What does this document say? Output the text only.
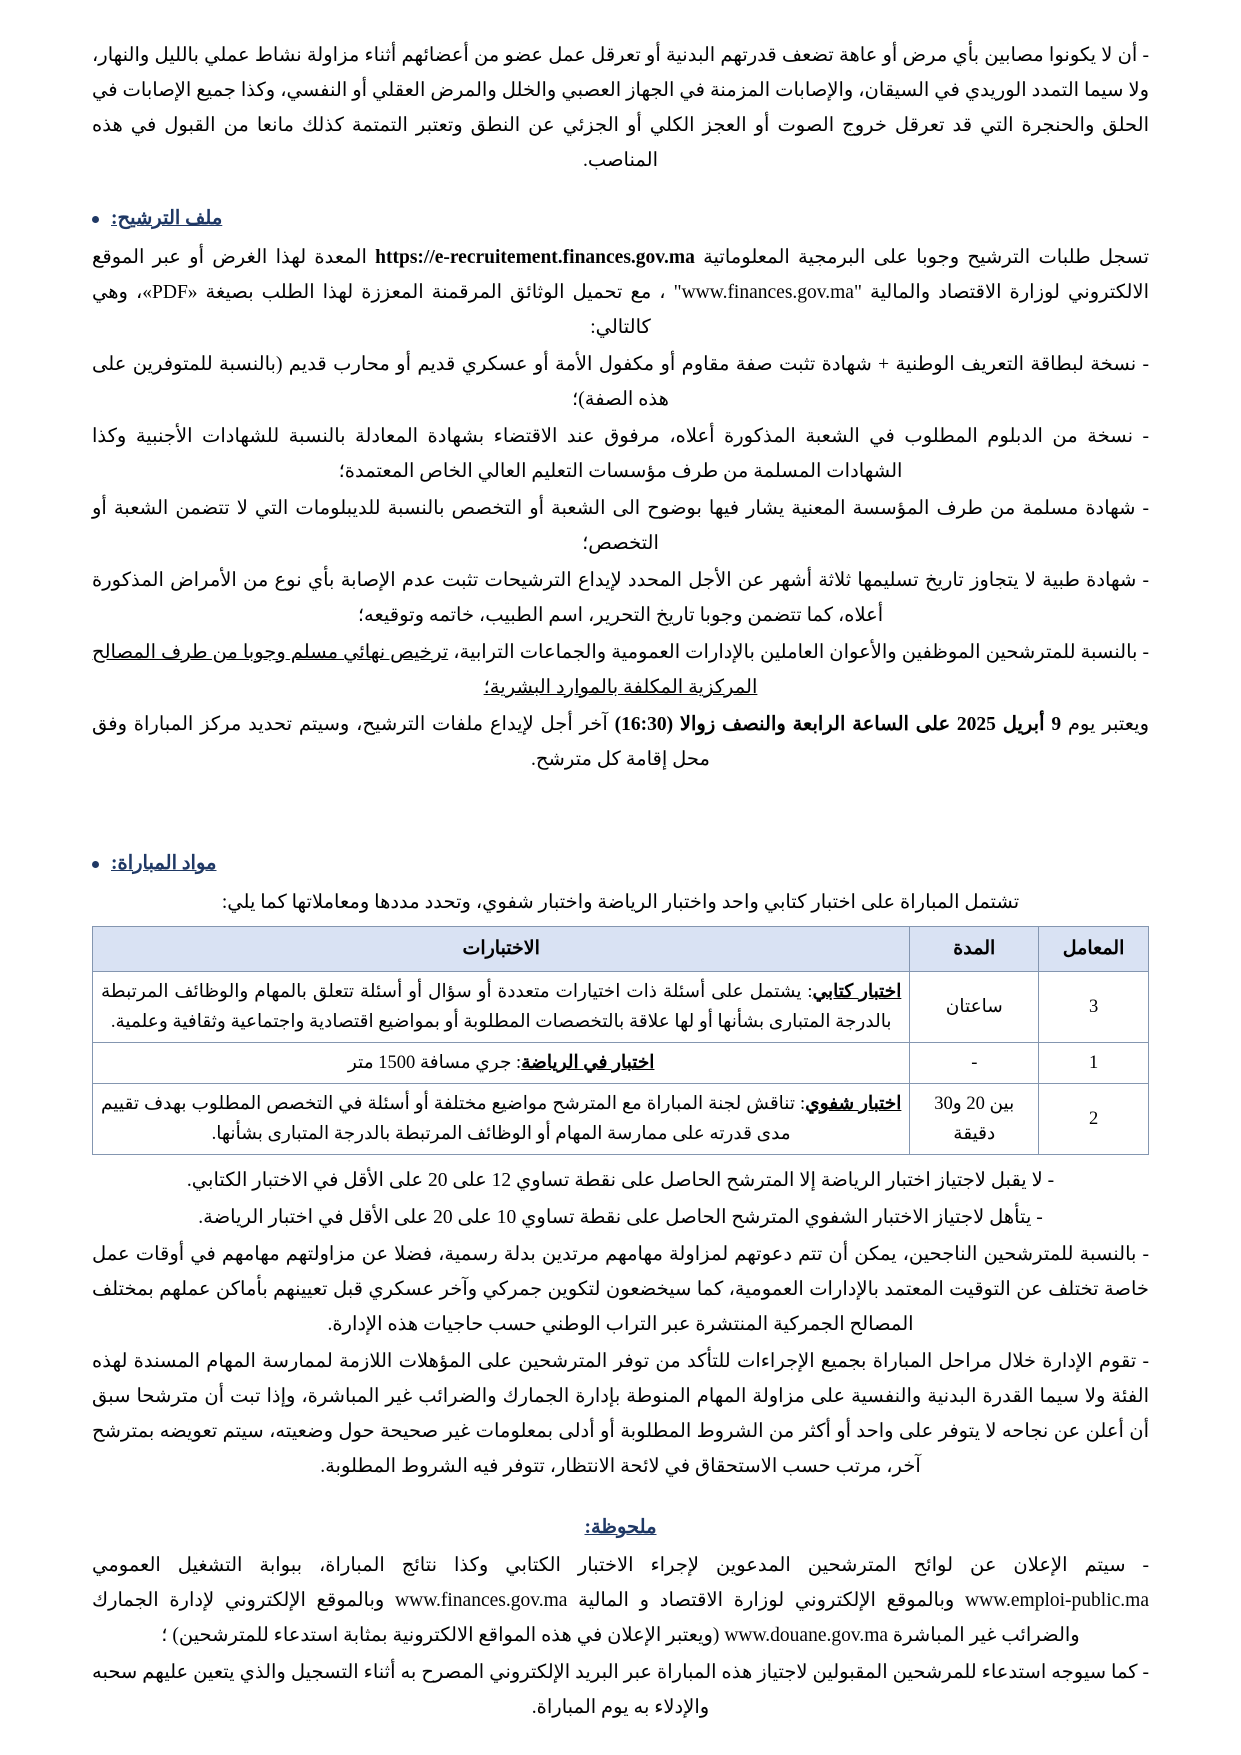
- أن لا يكونوا مصابين بأي مرض أو عاهة تضعف قدرتهم البدنية أو تعرقل عمل عضو من أعضائهم أثناء مزاولة نشاط عملي بالليل والنهار، ولا سيما التمدد الوريدي في السيقان، والإصابات المزمنة في الجهاز العصبي والخلل والمرض العقلي أو النفسي، وكذا جميع الإصابات في الحلق والحنجرة التي قد تعرقل خروج الصوت أو العجز الكلي أو الجزئي عن النطق وتعتبر التمتمة كذلك مانعا من القبول في هذه المناصب.

ملف الترشيح:

تسجل طلبات الترشيح وجوبا على البرمجية المعلوماتية https://e-recruitement.finances.gov.ma المعدة لهذا الغرض أو عبر الموقع الالكتروني لوزارة الاقتصاد والمالية "www.finances.gov.ma" ، مع تحميل الوثائق المرقمنة المعززة لهذا الطلب بصيغة «PDF»، وهي كالتالي:

- نسخة لبطاقة التعريف الوطنية + شهادة تثبت صفة مقاوم أو مكفول الأمة أو عسكري قديم أو محارب قديم (بالنسبة للمتوفرين على هذه الصفة)؛

- نسخة من الدبلوم المطلوب في الشعبة المذكورة أعلاه، مرفوق عند الاقتضاء بشهادة المعادلة بالنسبة للشهادات الأجنبية وكذا الشهادات المسلمة من طرف مؤسسات التعليم العالي الخاص المعتمدة؛

- شهادة مسلمة من طرف المؤسسة المعنية يشار فيها بوضوح الى الشعبة أو التخصص بالنسبة للديبلومات التي لا تتضمن الشعبة أو التخصص؛

- شهادة طبية لا يتجاوز تاريخ تسليمها ثلاثة أشهر عن الأجل المحدد لإيداع الترشيحات تثبت عدم الإصابة بأي نوع من الأمراض المذكورة أعلاه، كما تتضمن وجوبا تاريخ التحرير، اسم الطبيب، خاتمه وتوقيعه؛

- بالنسبة للمترشحين الموظفين والأعوان العاملين بالإدارات العمومية والجماعات الترابية، ترخيص نهائي مسلم وجوبا من طرف المصالح المركزية المكلفة بالموارد البشرية؛

ويعتبر يوم 9 أبريل 2025 على الساعة الرابعة والنصف زوالا (16:30) آخر أجل لإيداع ملفات الترشيح، وسيتم تحديد مركز المباراة وفق محل إقامة كل مترشح.

مواد المباراة:

تشتمل المباراة على اختبار كتابي واحد واختبار الرياضة واختبار شفوي، وتحدد مددها ومعاملاتها كما يلي:

المعامل	المدة	الاختبارات
3	ساعتان	اختبار كتابي: يشتمل على أسئلة ذات اختيارات متعددة أو سؤال أو أسئلة تتعلق بالمهام والوظائف المرتبطة بالدرجة المتبارى بشأنها أو لها علاقة بالتخصصات المطلوبة أو بمواضيع اقتصادية واجتماعية وثقافية وعلمية.
1	-	اختبار في الرياضة: جري مسافة 1500 متر
2	بين 20 و30 دقيقة	اختبار شفوي: تناقش لجنة المباراة مع المترشح مواضيع مختلفة أو أسئلة في التخصص المطلوب بهدف تقييم مدى قدرته على ممارسة المهام أو الوظائف المرتبطة بالدرجة المتبارى بشأنها.

- لا يقبل لاجتياز اختبار الرياضة إلا المترشح الحاصل على نقطة تساوي 12 على 20 على الأقل في الاختبار الكتابي.

- يتأهل لاجتياز الاختبار الشفوي المترشح الحاصل على نقطة تساوي 10 على 20 على الأقل في اختبار الرياضة.

- بالنسبة للمترشحين الناجحين، يمكن أن تتم دعوتهم لمزاولة مهامهم مرتدين بدلة رسمية، فضلا عن مزاولتهم مهامهم في أوقات عمل خاصة تختلف عن التوقيت المعتمد بالإدارات العمومية، كما سيخضعون لتكوين جمركي وآخر عسكري قبل تعيينهم بأماكن عملهم بمختلف المصالح الجمركية المنتشرة عبر التراب الوطني حسب حاجيات هذه الإدارة.

- تقوم الإدارة خلال مراحل المباراة بجميع الإجراءات للتأكد من توفر المترشحين على المؤهلات اللازمة لممارسة المهام المسندة لهذه الفئة ولا سيما القدرة البدنية والنفسية على مزاولة المهام المنوطة بإدارة الجمارك والضرائب غير المباشرة، وإذا تبت أن مترشحا سبق أن أعلن عن نجاحه لا يتوفر على واحد أو أكثر من الشروط المطلوبة أو أدلى بمعلومات غير صحيحة حول وضعيته، سيتم تعويضه بمترشح آخر، مرتب حسب الاستحقاق في لائحة الانتظار، تتوفر فيه الشروط المطلوبة.

ملحوظة:

- سيتم الإعلان عن لوائح المترشحين المدعوين لإجراء الاختبار الكتابي وكذا نتائج المباراة، ببوابة التشغيل العمومي www.emploi-public.ma وبالموقع الإلكتروني لوزارة الاقتصاد و المالية www.finances.gov.ma وبالموقع الإلكتروني لإدارة الجمارك والضرائب غير المباشرة www.douane.gov.ma (ويعتبر الإعلان في هذه المواقع الالكترونية بمثابة استدعاء للمترشحين) ؛

- كما سيوجه استدعاء للمرشحين المقبولين لاجتياز هذه المباراة عبر البريد الإلكتروني المصرح به أثناء التسجيل والذي يتعين عليهم سحبه والإدلاء به يوم المباراة.
